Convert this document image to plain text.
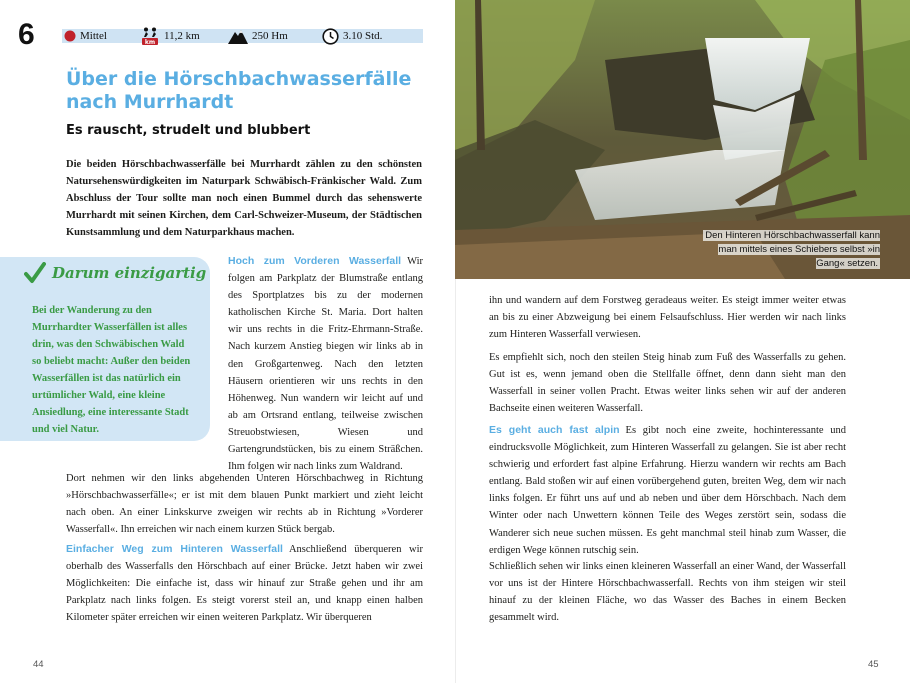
6	Mittel
km
11,2 km	250 Hm	3.10 Std.
Über die Hörschbachwasserfälle nach Murrhardt
Es rauscht, strudelt und blubbert

Die beiden Hörschbachwasserfälle bei Murrhardt zählen zu den schönsten Natursehenswürdigkeiten im Naturpark Schwäbisch-Fränkischer Wald. Zum Abschluss der Tour sollte man noch einen Bummel durch das sehenswerte Murrhardt mit seinen Kirchen, dem Carl-Schweizer-Museum, der Städtischen Kunstsammlung und dem Naturparkhaus machen.

Darum einzigartig

Bei der Wanderung zu den Murrhardter Wasserfällen ist alles drin, was den Schwäbischen Wald so beliebt macht: Außer den beiden Wasserfällen ist das natürlich ein urtümlicher Wald, eine kleine Ansiedlung, eine interessante Stadt und viel Natur.

Hoch zum Vorderen Wasserfall Wir folgen am Parkplatz der Blumstraße entlang des Sportplatzes bis zu der modernen katholischen Kirche St. Maria. Dort halten wir uns rechts in die Fritz-Ehrmann-Straße. Nach kurzem Anstieg biegen wir links ab in den Großgartenweg. Nach den letzten Häusern orientieren wir uns rechts in den Höhenweg. Nun wandern wir leicht auf und ab am Ortsrand entlang, teilweise zwischen Streuobstwiesen, Wiesen und Gartengrundstücken, bis zu einem Sträßchen. Ihm folgen wir nach links zum Waldrand.

Dort nehmen wir den links abgehenden Unteren Hörschbachweg in Richtung »Hörschbachwasserfälle«; er ist mit dem blauen Punkt markiert und zieht leicht nach oben. An einer Linkskurve zweigen wir rechts ab in Richtung »Vorderer Wasserfall«. Ihn erreichen wir nach einem kurzen Stück bergab.

Einfacher Weg zum Hinteren Wasserfall Anschließend überqueren wir oberhalb des Wasserfalls den Hörschbach auf einer Brücke. Jetzt haben wir zwei Möglichkeiten: Die einfache ist, dass wir hinauf zur Straße gehen und ihr am Parkplatz nach links folgen. Es steigt vorerst steil an, und knapp einen halben Kilometer später erreichen wir einen weiteren Parkplatz. Wir überqueren

44	45
Den Hinteren Hörschbachwasserfall kann man mittels eines Schiebers selbst »in Gang« setzen.

ihn und wandern auf dem Forstweg geradeaus weiter. Es steigt immer weiter etwas an bis zu einer Abzweigung bei einem Felsaufschluss. Hier werden wir nach links zum Hinteren Wasserfall verwiesen.

Es empfiehlt sich, noch den steilen Steig hinab zum Fuß des Wasserfalls zu gehen. Gut ist es, wenn jemand oben die Stellfalle öffnet, denn dann sieht man den Wasserfall in seiner vollen Pracht. Etwas weiter links sehen wir auf der anderen Bachseite einen weiteren Wasserfall.

Es geht auch fast alpin Es gibt noch eine zweite, hochinteressante und eindrucksvolle Möglichkeit, zum Hinteren Wasserfall zu gelangen. Sie ist aber recht schwierig und erfordert fast alpine Erfahrung. Hierzu wandern wir rechts am Bach entlang. Bald stoßen wir auf einen vorübergehend guten, breiten Weg, dem wir nach links folgen. Er führt uns auf und ab neben und über dem Hörschbach. Nach dem Winter oder nach Unwettern können Teile des Weges zerstört sein, sodass die Wanderer sich neue suchen müssen. Es geht manchmal steil hinab zum Wasser, die erdigen Wege können rutschig sein.

Schließlich sehen wir links einen kleineren Wasserfall an einer Wand, der Wasserfall vor uns ist der Hintere Hörschbachwasserfall. Rechts von ihm steigen wir steil hinauf zu der kleinen Fläche, wo das Wasser des Baches in einem Becken gesammelt wird.
